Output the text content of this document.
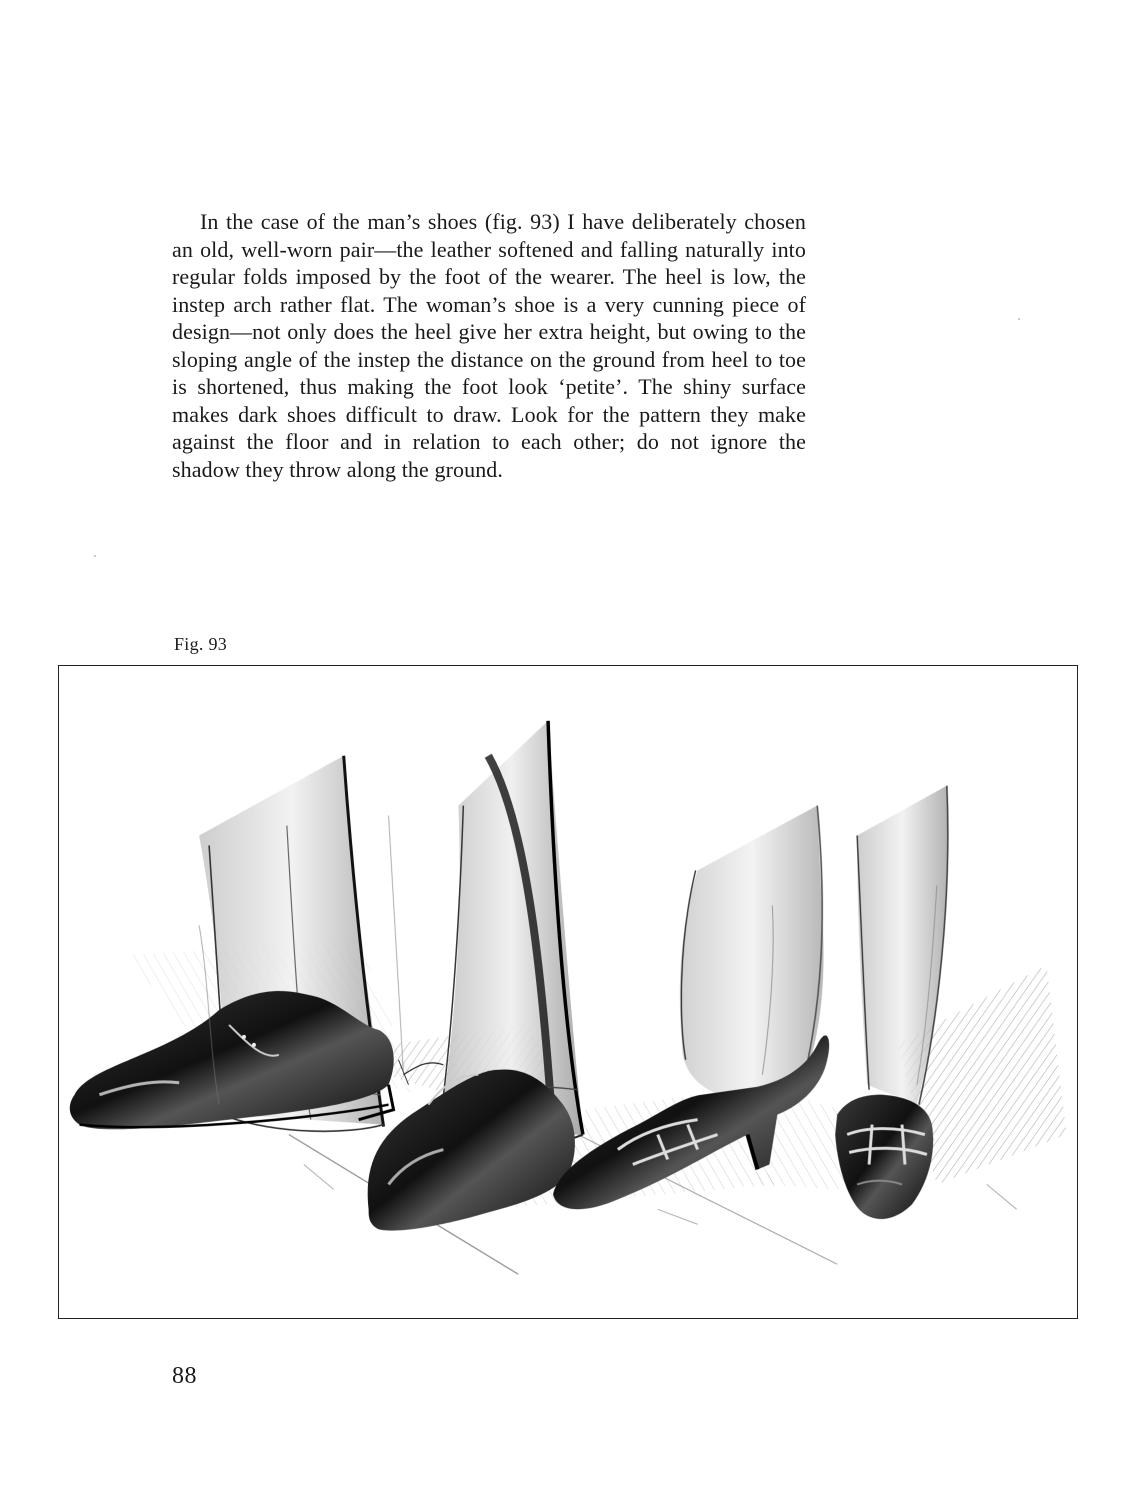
In the case of the man’s shoes (fig. 93) I have deliberately chosen an old, well-worn pair—the leather softened and falling naturally into regular folds imposed by the foot of the wearer. The heel is low, the instep arch rather flat. The woman’s shoe is a very cunning piece of design—not only does the heel give her extra height, but owing to the sloping angle of the instep the distance on the ground from heel to toe is shortened, thus making the foot look ‘petite’. The shiny surface makes dark shoes difficult to draw. Look for the pattern they make against the floor and in relation to each other; do not ignore the shadow they throw along the ground.

Fig. 93
88
